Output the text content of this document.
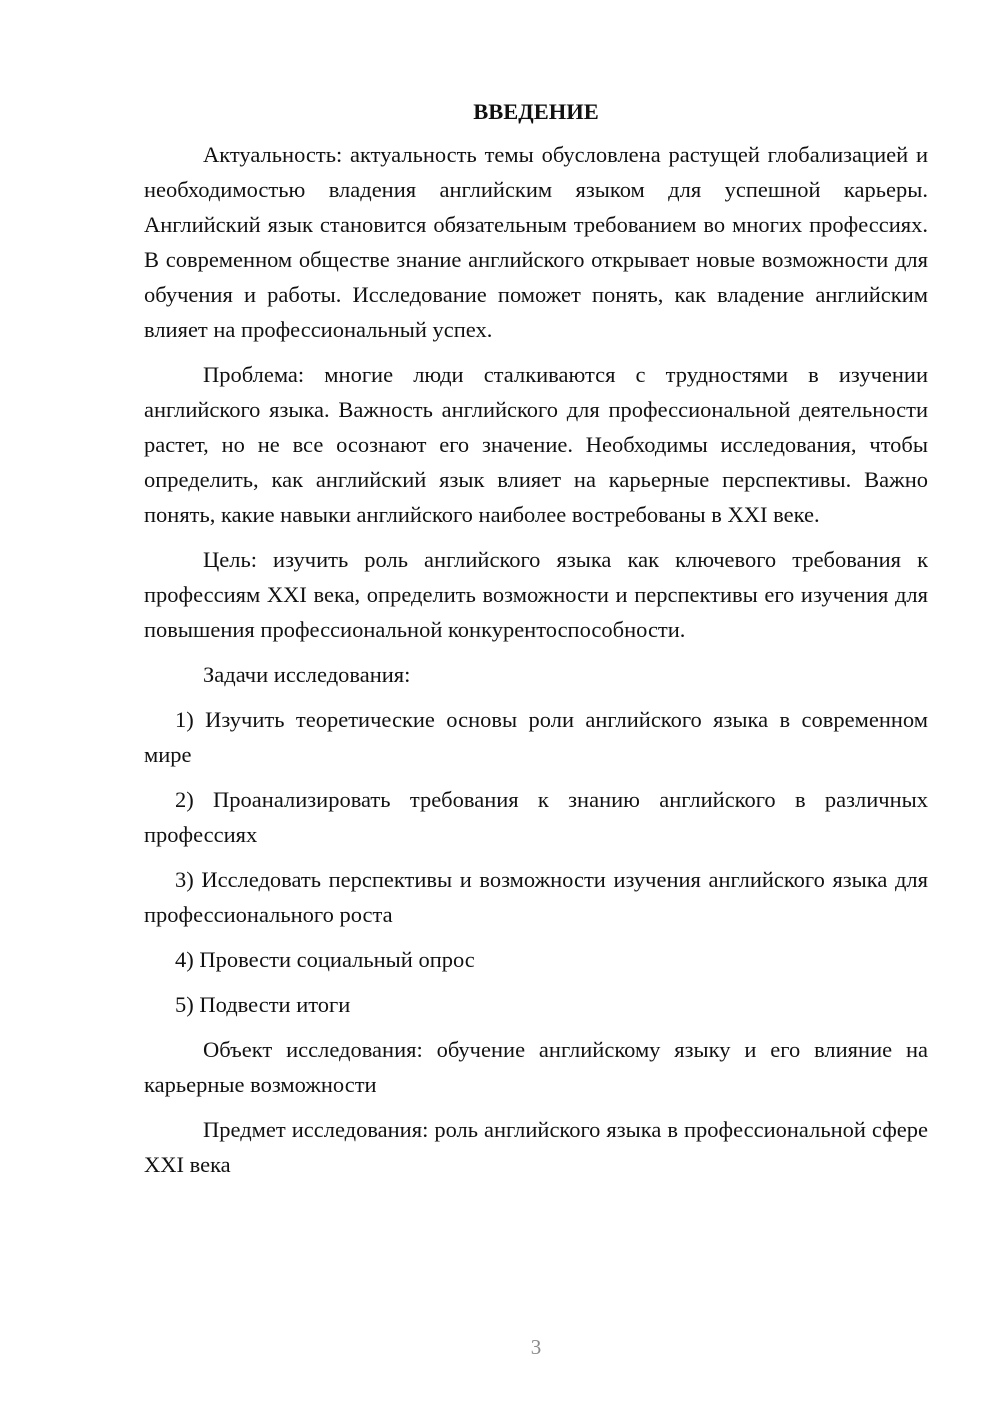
ВВЕДЕНИЕ

Актуальность: актуальность темы обусловлена растущей глобализацией и необходимостью владения английским языком для успешной карьеры. Английский язык становится обязательным требованием во многих профессиях. В современном обществе знание английского открывает новые возможности для обучения и работы. Исследование поможет понять, как владение английским влияет на профессиональный успех.

Проблема: многие люди сталкиваются с трудностями в изучении английского языка. Важность английского для профессиональной деятельности растет, но не все осознают его значение. Необходимы исследования, чтобы определить, как английский язык влияет на карьерные перспективы. Важно понять, какие навыки английского наиболее востребованы в XXI веке.

Цель: изучить роль английского языка как ключевого требования к профессиям XXI века, определить возможности и перспективы его изучения для повышения профессиональной конкурентоспособности.

Задачи исследования:

1) Изучить теоретические основы роли английского языка в современном мире

2) Проанализировать требования к знанию английского в различных профессиях

3) Исследовать перспективы и возможности изучения английского языка для профессионального роста

4) Провести социальный опрос

5) Подвести итоги

Объект исследования: обучение английскому языку и его влияние на карьерные возможности

Предмет исследования: роль английского языка в профессиональной сфере XXI века

3
